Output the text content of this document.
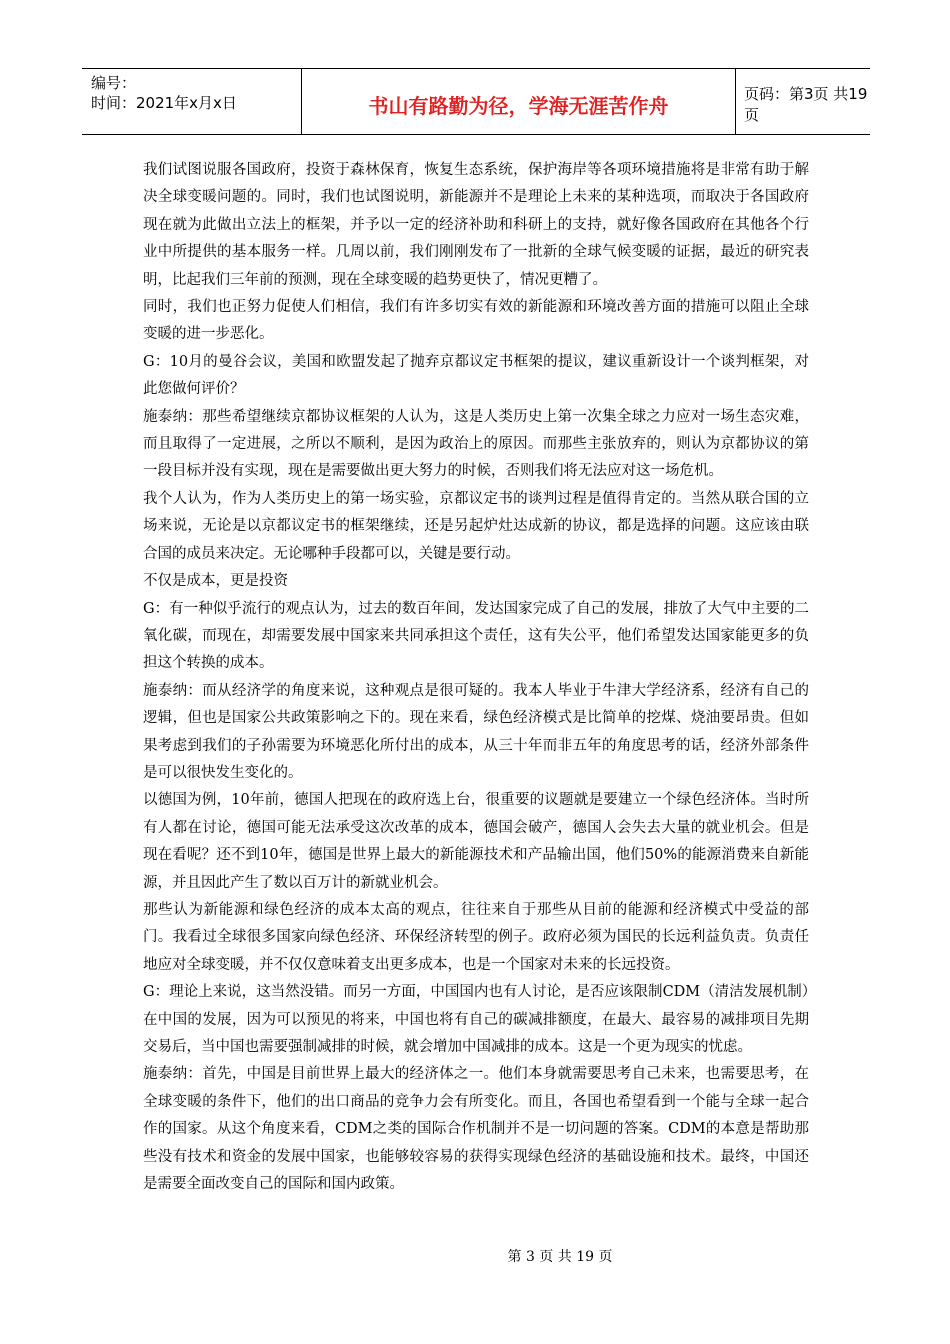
编号：
时间：2021年x月x日	书山有路勤为径，学海无涯苦作舟
页码：第3页 共19页

我们试图说服各国政府，投资于森林保育，恢复生态系统，保护海岸等各项环境措施将是非常有助于解决全球变暖问题的。同时，我们也试图说明，新能源并不是理论上未来的某种选项，而取决于各国政府现在就为此做出立法上的框架，并予以一定的经济补助和科研上的支持，就好像各国政府在其他各个行业中所提供的基本服务一样。几周以前，我们刚刚发布了一批新的全球气候变暖的证据，最近的研究表明，比起我们三年前的预测，现在全球变暖的趋势更快了，情况更糟了。

同时，我们也正努力促使人们相信，我们有许多切实有效的新能源和环境改善方面的措施可以阻止全球变暖的进一步恶化。

G：10月的曼谷会议，美国和欧盟发起了抛弃京都议定书框架的提议，建议重新设计一个谈判框架，对此您做何评价？

施泰纳：那些希望继续京都协议框架的人认为，这是人类历史上第一次集全球之力应对一场生态灾难，而且取得了一定进展，之所以不顺利，是因为政治上的原因。而那些主张放弃的，则认为京都协议的第一段目标并没有实现，现在是需要做出更大努力的时候，否则我们将无法应对这一场危机。

我个人认为，作为人类历史上的第一场实验，京都议定书的谈判过程是值得肯定的。当然从联合国的立场来说，无论是以京都议定书的框架继续，还是另起炉灶达成新的协议，都是选择的问题。这应该由联合国的成员来决定。无论哪种手段都可以，关键是要行动。

不仅是成本，更是投资

G：有一种似乎流行的观点认为，过去的数百年间，发达国家完成了自己的发展，排放了大气中主要的二氧化碳，而现在，却需要发展中国家来共同承担这个责任，这有失公平，他们希望发达国家能更多的负担这个转换的成本。

施泰纳：而从经济学的角度来说，这种观点是很可疑的。我本人毕业于牛津大学经济系，经济有自己的逻辑，但也是国家公共政策影响之下的。现在来看，绿色经济模式是比简单的挖煤、烧油要昂贵。但如果考虑到我们的子孙需要为环境恶化所付出的成本，从三十年而非五年的角度思考的话，经济外部条件是可以很快发生变化的。

以德国为例，10年前，德国人把现在的政府选上台，很重要的议题就是要建立一个绿色经济体。当时所有人都在讨论，德国可能无法承受这次改革的成本，德国会破产，德国人会失去大量的就业机会。但是现在看呢？还不到10年，德国是世界上最大的新能源技术和产品输出国，他们50%的能源消费来自新能源，并且因此产生了数以百万计的新就业机会。

那些认为新能源和绿色经济的成本太高的观点，往往来自于那些从目前的能源和经济模式中受益的部门。我看过全球很多国家向绿色经济、环保经济转型的例子。政府必须为国民的长远利益负责。负责任地应对全球变暖，并不仅仅意味着支出更多成本，也是一个国家对未来的长远投资。

G：理论上来说，这当然没错。而另一方面，中国国内也有人讨论，是否应该限制CDM（清洁发展机制）在中国的发展，因为可以预见的将来，中国也将有自己的碳减排额度，在最大、最容易的减排项目先期交易后，当中国也需要强制减排的时候，就会增加中国减排的成本。这是一个更为现实的忧虑。

施泰纳：首先，中国是目前世界上最大的经济体之一。他们本身就需要思考自己未来，也需要思考，在全球变暖的条件下，他们的出口商品的竞争力会有所变化。而且，各国也希望看到一个能与全球一起合作的国家。从这个角度来看，CDM之类的国际合作机制并不是一切问题的答案。CDM的本意是帮助那些没有技术和资金的发展中国家，也能够较容易的获得实现绿色经济的基础设施和技术。最终，中国还是需要全面改变自己的国际和国内政策。

第 3 页 共 19 页
